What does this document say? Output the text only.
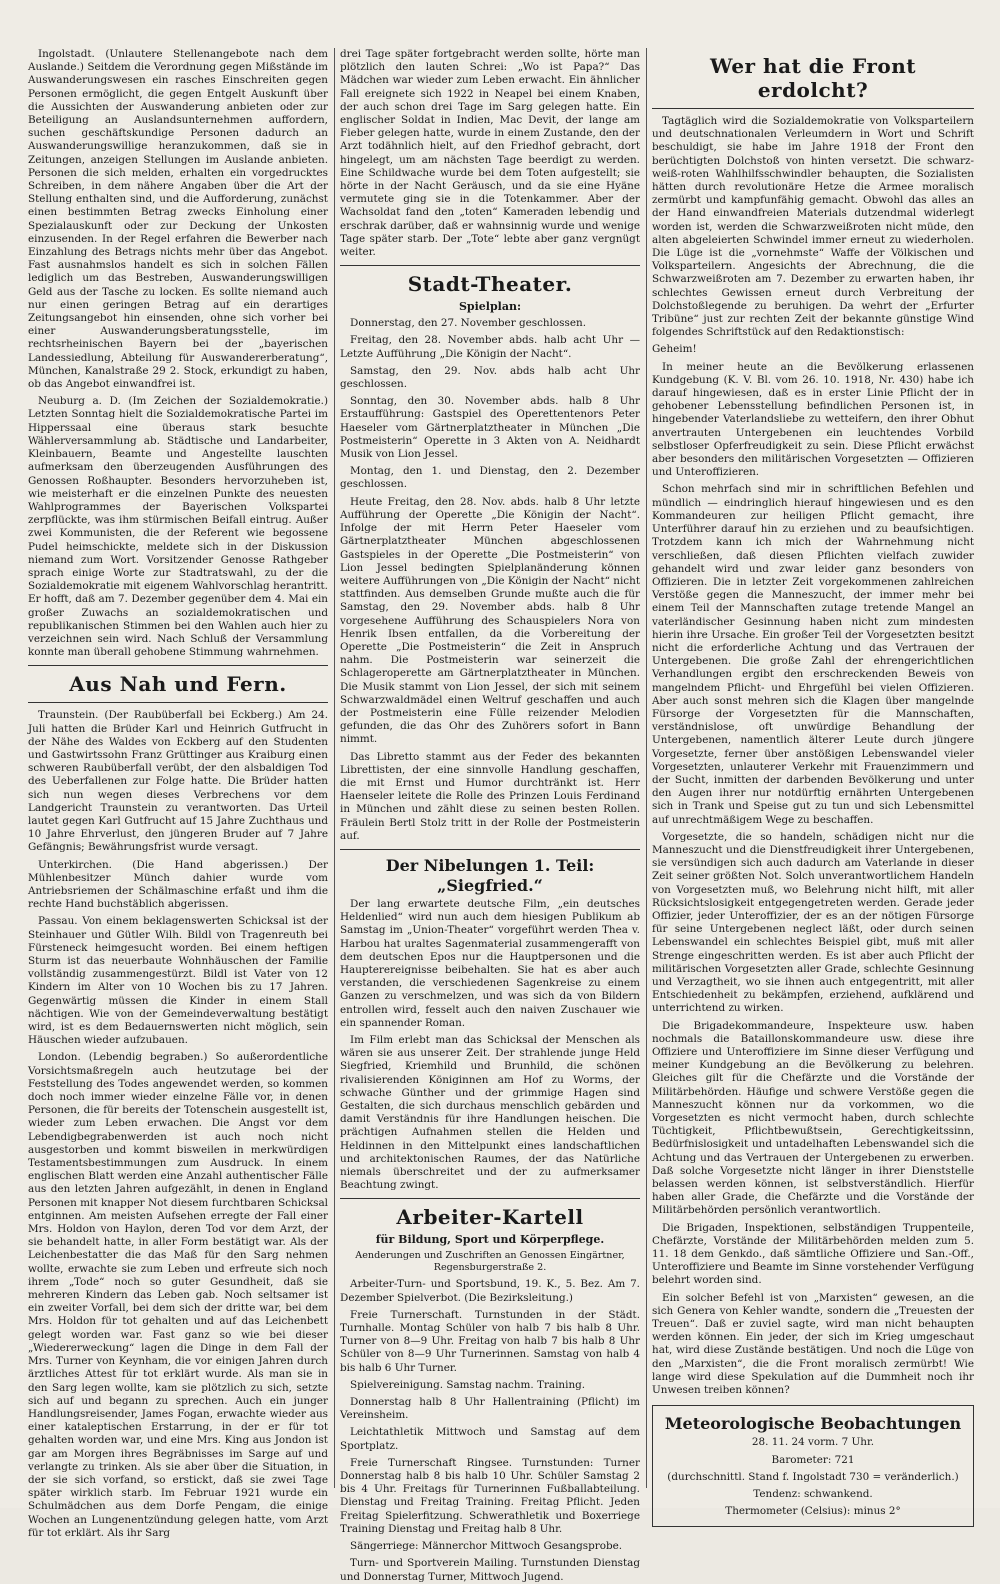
Ingolstadt. (Unlautere Stellenangebote nach dem Auslande.) Seitdem die Verordnung gegen Mißstände im Auswanderungswesen ein rasches Einschreiten gegen Personen ermöglicht, die gegen Entgelt Auskunft über die Aussichten der Auswanderung anbieten oder zur Beteiligung an Auslandsunternehmen auffordern, suchen geschäftskundige Personen dadurch an Auswanderungswillige heranzukommen, daß sie in Zeitungen, anzeigen Stellungen im Auslande anbieten. Personen die sich melden, erhalten ein vorgedrucktes Schreiben, in dem nähere Angaben über die Art der Stellung enthalten sind, und die Aufforderung, zunächst einen bestimmten Betrag zwecks Einholung einer Spezialauskunft oder zur Deckung der Unkosten einzusenden. In der Regel erfahren die Bewerber nach Einzahlung des Betrags nichts mehr über das Angebot. Fast ausnahmslos handelt es sich in solchen Fällen lediglich um das Bestreben, Auswanderungswilligen Geld aus der Tasche zu locken. Es sollte niemand auch nur einen geringen Betrag auf ein derartiges Zeitungsangebot hin einsenden, ohne sich vorher bei einer Auswanderungsberatungsstelle, im rechtsrheinischen Bayern bei der „bayerischen Landessiedlung, Abteilung für Auswandererberatung“, München, Kanalstraße 29 2. Stock, erkundigt zu haben, ob das Angebot einwandfrei ist.

Neuburg a. D. (Im Zeichen der Sozialdemokratie.) Letzten Sonntag hielt die Sozialdemokratische Partei im Hipperssaal eine überaus stark besuchte Wählerversammlung ab. Städtische und Landarbeiter, Kleinbauern, Beamte und Angestellte lauschten aufmerksam den überzeugenden Ausführungen des Genossen Roßhaupter. Besonders hervorzuheben ist, wie meisterhaft er die einzelnen Punkte des neuesten Wahlprogrammes der Bayerischen Volkspartei zerpflückte, was ihm stürmischen Beifall eintrug. Außer zwei Kommunisten, die der Referent wie begossene Pudel heimschickte, meldete sich in der Diskussion niemand zum Wort. Vorsitzender Genosse Rathgeber sprach einige Worte zur Stadtratswahl, zu der die Sozialdemokratie mit eigenem Wahlvorschlag herantritt. Er hofft, daß am 7. Dezember gegenüber dem 4. Mai ein großer Zuwachs an sozialdemokratischen und republikanischen Stimmen bei den Wahlen auch hier zu verzeichnen sein wird. Nach Schluß der Versammlung konnte man überall gehobene Stimmung wahrnehmen.

Aus Nah und Fern.

Traunstein. (Der Raubüberfall bei Eckberg.) Am 24. Juli hatten die Brüder Karl und Heinrich Gutfrucht in der Nähe des Waldes von Eckberg auf den Studenten und Gastwirtssohn Franz Grüttinger aus Kraiburg einen schweren Raubüberfall verübt, der den alsbaldigen Tod des Ueberfallenen zur Folge hatte. Die Brüder hatten sich nun wegen dieses Verbrechens vor dem Landgericht Traunstein zu verantworten. Das Urteil lautet gegen Karl Gutfrucht auf 15 Jahre Zuchthaus und 10 Jahre Ehrverlust, den jüngeren Bruder auf 7 Jahre Gefängnis; Bewährungsfrist wurde versagt.

Unterkirchen. (Die Hand abgerissen.) Der Mühlenbesitzer Münch dahier wurde vom Antriebsriemen der Schälmaschine erfaßt und ihm die rechte Hand buchstäblich abgerissen.

Passau. Von einem beklagenswerten Schicksal ist der Steinhauer und Gütler Wilh. Bildl von Tragenreuth bei Fürsteneck heimgesucht worden. Bei einem heftigen Sturm ist das neuerbaute Wohnhäuschen der Familie vollständig zusammengestürzt. Bildl ist Vater von 12 Kindern im Alter von 10 Wochen bis zu 17 Jahren. Gegenwärtig müssen die Kinder in einem Stall nächtigen. Wie von der Gemeindeverwaltung bestätigt wird, ist es dem Bedauernswerten nicht möglich, sein Häuschen wieder aufzubauen.

London. (Lebendig begraben.) So außerordentliche Vorsichtsmaßregeln auch heutzutage bei der Feststellung des Todes angewendet werden, so kommen doch noch immer wieder einzelne Fälle vor, in denen Personen, die für bereits der Totenschein ausgestellt ist, wieder zum Leben erwachen. Die Angst vor dem Lebendigbegrabenwerden ist auch noch nicht ausgestorben und kommt bisweilen in merkwürdigen Testamentsbestimmungen zum Ausdruck. In einem englischen Blatt werden eine Anzahl authentischer Fälle aus den letzten Jahren aufgezählt, in denen in England Personen mit knapper Not diesem furchtbaren Schicksal entginnen. Am meisten Aufsehen erregte der Fall einer Mrs. Holdon von Haylon, deren Tod vor dem Arzt, der sie behandelt hatte, in aller Form bestätigt war. Als der Leichenbestatter die das Maß für den Sarg nehmen wollte, erwachte sie zum Leben und erfreute sich noch ihrem „Tode“ noch so guter Gesundheit, daß sie mehreren Kindern das Leben gab. Noch seltsamer ist ein zweiter Vorfall, bei dem sich der dritte war, bei dem Mrs. Holdon für tot gehalten und auf das Leichenbett gelegt worden war. Fast ganz so wie bei dieser „Wiedererweckung“ lagen die Dinge in dem Fall der Mrs. Turner von Keynham, die vor einigen Jahren durch ärztliches Attest für tot erklärt wurde. Als man sie in den Sarg legen wollte, kam sie plötzlich zu sich, setzte sich auf und begann zu sprechen. Auch ein junger Handlungsreisender, James Fogan, erwachte wieder aus einer kataleptischen Erstarrung, in der er für tot gehalten worden war, und eine Mrs. King aus Jondon ist gar am Morgen ihres Begräbnisses im Sarge auf und verlangte zu trinken. Als sie aber über die Situation, in der sie sich vorfand, so erstickt, daß sie zwei Tage später wirklich starb. Im Februar 1921 wurde ein Schulmädchen aus dem Dorfe Pengam, die einige Wochen an Lungenentzündung gelegen hatte, vom Arzt für tot erklärt. Als ihr Sarg

drei Tage später fortgebracht werden sollte, hörte man plötzlich den lauten Schrei: „Wo ist Papa?“ Das Mädchen war wieder zum Leben erwacht. Ein ähnlicher Fall ereignete sich 1922 in Neapel bei einem Knaben, der auch schon drei Tage im Sarg gelegen hatte. Ein englischer Soldat in Indien, Mac Devit, der lange am Fieber gelegen hatte, wurde in einem Zustande, den der Arzt todähnlich hielt, auf den Friedhof gebracht, dort hingelegt, um am nächsten Tage beerdigt zu werden. Eine Schildwache wurde bei dem Toten aufgestellt; sie hörte in der Nacht Geräusch, und da sie eine Hyäne vermutete ging sie in die Totenkammer. Aber der Wachsoldat fand den „toten“ Kameraden lebendig und erschrak darüber, daß er wahnsinnig wurde und wenige Tage später starb. Der „Tote“ lebte aber ganz vergnügt weiter.

Stadt-Theater.
Spielplan:

Donnerstag, den 27. November geschlossen.

Freitag, den 28. November abds. halb acht Uhr — Letzte Aufführung „Die Königin der Nacht“.

Samstag, den 29. Nov. abds halb acht Uhr geschlossen.

Sonntag, den 30. November abds. halb 8 Uhr Erstaufführung: Gastspiel des Operettentenors Peter Haeseler vom Gärtnerplatztheater in München „Die Postmeisterin“ Operette in 3 Akten von A. Neidhardt Musik von Lion Jessel.

Montag, den 1. und Dienstag, den 2. Dezember geschlossen.

Heute Freitag, den 28. Nov. abds. halb 8 Uhr letzte Aufführung der Operette „Die Königin der Nacht“. Infolge der mit Herrn Peter Haeseler vom Gärtnerplatztheater München abgeschlossenen Gastspieles in der Operette „Die Postmeisterin“ von Lion Jessel bedingten Spielplanänderung können weitere Aufführungen von „Die Königin der Nacht“ nicht stattfinden. Aus demselben Grunde mußte auch die für Samstag, den 29. November abds. halb 8 Uhr vorgesehene Aufführung des Schauspielers Nora von Henrik Ibsen entfallen, da die Vorbereitung der Operette „Die Postmeisterin“ die Zeit in Anspruch nahm. Die Postmeisterin war seinerzeit die Schlageroperette am Gärtnerplatztheater in München. Die Musik stammt von Lion Jessel, der sich mit seinem Schwarzwaldmädel einen Weltruf geschaffen und auch der Postmeisterin eine Fülle reizender Melodien gefunden, die das Ohr des Zuhörers sofort in Bann nimmt.

Das Libretto stammt aus der Feder des bekannten Librettisten, der eine sinnvolle Handlung geschaffen, die mit Ernst und Humor durchtränkt ist. Herr Haenseler leitete die Rolle des Prinzen Louis Ferdinand in München und zählt diese zu seinen besten Rollen. Fräulein Bertl Stolz tritt in der Rolle der Postmeisterin auf.

Der Nibelungen 1. Teil: „Siegfried.“

Der lang erwartete deutsche Film, „ein deutsches Heldenlied“ wird nun auch dem hiesigen Publikum ab Samstag im „Union-Theater“ vorgeführt werden Thea v. Harbou hat uraltes Sagenmaterial zusammengerafft von dem deutschen Epos nur die Hauptpersonen und die Haupterereignisse beibehalten. Sie hat es aber auch verstanden, die verschiedenen Sagenkreise zu einem Ganzen zu verschmelzen, und was sich da von Bildern entrollen wird, fesselt auch den naiven Zuschauer wie ein spannender Roman.

Im Film erlebt man das Schicksal der Menschen als wären sie aus unserer Zeit. Der strahlende junge Held Siegfried, Kriemhild und Brunhild, die schönen rivalisierenden Königinnen am Hof zu Worms, der schwache Günther und der grimmige Hagen sind Gestalten, die sich durchaus menschlich gebärden und damit Verständnis für ihre Handlungen heischen. Die prächtigen Aufnahmen stellen die Helden und Heldinnen in den Mittelpunkt eines landschaftlichen und architektonischen Raumes, der das Natürliche niemals überschreitet und der zu aufmerksamer Beachtung zwingt.

Arbeiter-Kartell
für Bildung, Sport und Körperpflege.
Aenderungen und Zuschriften an Genossen Eingärtner, Regensburgerstraße 2.

Arbeiter-Turn- und Sportsbund, 19. K., 5. Bez. Am 7. Dezember Spielverbot. (Die Bezirksleitung.)

Freie Turnerschaft. Turnstunden in der Städt. Turnhalle. Montag Schüler von halb 7 bis halb 8 Uhr. Turner von 8—9 Uhr. Freitag von halb 7 bis halb 8 Uhr Schüler von 8—9 Uhr Turnerinnen. Samstag von halb 4 bis halb 6 Uhr Turner.

Spielvereinigung. Samstag nachm. Training.

Donnerstag halb 8 Uhr Hallentraining (Pflicht) im Vereinsheim.

Leichtathletik Mittwoch und Samstag auf dem Sportplatz.

Freie Turnerschaft Ringsee. Turnstunden: Turner Donnerstag halb 8 bis halb 10 Uhr. Schüler Samstag 2 bis 4 Uhr. Freitags für Turnerinnen Fußballabteilung. Dienstag und Freitag Training. Freitag Pflicht. Jeden Freitag Spielerfitzung. Schwerathletik und Boxerriege Training Dienstag und Freitag halb 8 Uhr.

Sängerriege: Männerchor Mittwoch Gesangsprobe.

Turn- und Sportverein Mailing. Turnstunden Dienstag und Donnerstag Turner, Mittwoch Jugend.

Wer hat die Front erdolcht?

Tagtäglich wird die Sozialdemokratie von Volksparteilern und deutschnationalen Verleumdern in Wort und Schrift beschuldigt, sie habe im Jahre 1918 der Front den berüchtigten Dolchstoß von hinten versetzt. Die schwarz-weiß-roten Wahlhilfsschwindler behaupten, die Sozialisten hätten durch revolutionäre Hetze die Armee moralisch zermürbt und kampfunfähig gemacht. Obwohl das alles an der Hand einwandfreien Materials dutzendmal widerlegt worden ist, werden die Schwarzweißroten nicht müde, den alten abgeleierten Schwindel immer erneut zu wiederholen. Die Lüge ist die „vornehmste“ Waffe der Völkischen und Volksparteilern. Angesichts der Abrechnung, die die Schwarzweißroten am 7. Dezember zu erwarten haben, ihr schlechtes Gewissen erneut durch Verbreitung der Dolchstoßlegende zu beruhigen. Da wehrt der „Erfurter Tribüne“ just zur rechten Zeit der bekannte günstige Wind folgendes Schriftstück auf den Redaktionstisch:

Geheim!

In meiner heute an die Bevölkerung erlassenen Kundgebung (K. V. Bl. vom 26. 10. 1918, Nr. 430) habe ich darauf hingewiesen, daß es in erster Linie Pflicht der in gehobener Lebensstellung befindlichen Personen ist, in hingebender Vaterlandsliebe zu wetteifern, den ihrer Obhut anvertrauten Untergebenen ein leuchtendes Vorbild selbstloser Opferfreudigkeit zu sein. Diese Pflicht erwächst aber besonders den militärischen Vorgesetzten — Offizieren und Unteroffizieren.

Schon mehrfach sind mir in schriftlichen Befehlen und mündlich — eindringlich hierauf hingewiesen und es den Kommandeuren zur heiligen Pflicht gemacht, ihre Unterführer darauf hin zu erziehen und zu beaufsichtigen. Trotzdem kann ich mich der Wahrnehmung nicht verschließen, daß diesen Pflichten vielfach zuwider gehandelt wird und zwar leider ganz besonders von Offizieren. Die in letzter Zeit vorgekommenen zahlreichen Verstöße gegen die Manneszucht, der immer mehr bei einem Teil der Mannschaften zutage tretende Mangel an vaterländischer Gesinnung haben nicht zum mindesten hierin ihre Ursache. Ein großer Teil der Vorgesetzten besitzt nicht die erforderliche Achtung und das Vertrauen der Untergebenen. Die große Zahl der ehrengerichtlichen Verhandlungen ergibt den erschreckenden Beweis von mangelndem Pflicht- und Ehrgefühl bei vielen Offizieren. Aber auch sonst mehren sich die Klagen über mangelnde Fürsorge der Vorgesetzten für die Mannschaften, verständnislose, oft unwürdige Behandlung der Untergebenen, namentlich älterer Leute durch jüngere Vorgesetzte, ferner über anstößigen Lebenswandel vieler Vorgesetzten, unlauterer Verkehr mit Frauenzimmern und der Sucht, inmitten der darbenden Bevölkerung und unter den Augen ihrer nur notdürftig ernährten Untergebenen sich in Trank und Speise gut zu tun und sich Lebensmittel auf unrechtmäßigem Wege zu beschaffen.

Vorgesetzte, die so handeln, schädigen nicht nur die Manneszucht und die Dienstfreudigkeit ihrer Untergebenen, sie versündigen sich auch dadurch am Vaterlande in dieser Zeit seiner größten Not. Solch unverantwortlichem Handeln von Vorgesetzten muß, wo Belehrung nicht hilft, mit aller Rücksichtslosigkeit entgegengetreten werden. Gerade jeder Offizier, jeder Unteroffizier, der es an der nötigen Fürsorge für seine Untergebenen neglect läßt, oder durch seinen Lebenswandel ein schlechtes Beispiel gibt, muß mit aller Strenge eingeschritten werden. Es ist aber auch Pflicht der militärischen Vorgesetzten aller Grade, schlechte Gesinnung und Verzagtheit, wo sie ihnen auch entgegentritt, mit aller Entschiedenheit zu bekämpfen, erziehend, aufklärend und unterrichtend zu wirken.

Die Brigadekommandeure, Inspekteure usw. haben nochmals die Bataillonskommandeure usw. diese ihre Offiziere und Unteroffiziere im Sinne dieser Verfügung und meiner Kundgebung an die Bevölkerung zu belehren. Gleiches gilt für die Chefärzte und die Vorstände der Militärbehörden. Häufige und schwere Verstöße gegen die Manneszucht können nur da vorkommen, wo die Vorgesetzten es nicht vermocht haben, durch schlechte Tüchtigkeit, Pflichtbewußtsein, Gerechtigkeitssinn, Bedürfnislosigkeit und untadelhaften Lebenswandel sich die Achtung und das Vertrauen der Untergebenen zu erwerben. Daß solche Vorgesetzte nicht länger in ihrer Dienststelle belassen werden können, ist selbstverständlich. Hierfür haben aller Grade, die Chefärzte und die Vorstände der Militärbehörden persönlich verantwortlich.

Die Brigaden, Inspektionen, selbständigen Truppenteile, Chefärzte, Vorstände der Militärbehörden melden zum 5. 11. 18 dem Genkdo., daß sämtliche Offiziere und San.-Off., Unteroffiziere und Beamte im Sinne vorstehender Verfügung belehrt worden sind.

Ein solcher Befehl ist von „Marxisten“ gewesen, an die sich Genera von Kehler wandte, sondern die „Treuesten der Treuen“. Daß er zuviel sagte, wird man nicht behaupten werden können. Ein jeder, der sich im Krieg umgeschaut hat, wird diese Zustände bestätigen. Und noch die Lüge von den „Marxisten“, die die Front moralisch zermürbt! Wie lange wird diese Spekulation auf die Dummheit noch ihr Unwesen treiben können?

Meteorologische Beobachtungen

28. 11. 24 vorm. 7 Uhr.

Barometer: 721

(durchschnittl. Stand f. Ingolstadt 730 = veränderlich.)

Tendenz: schwankend.

Thermometer (Celsius): minus 2°
